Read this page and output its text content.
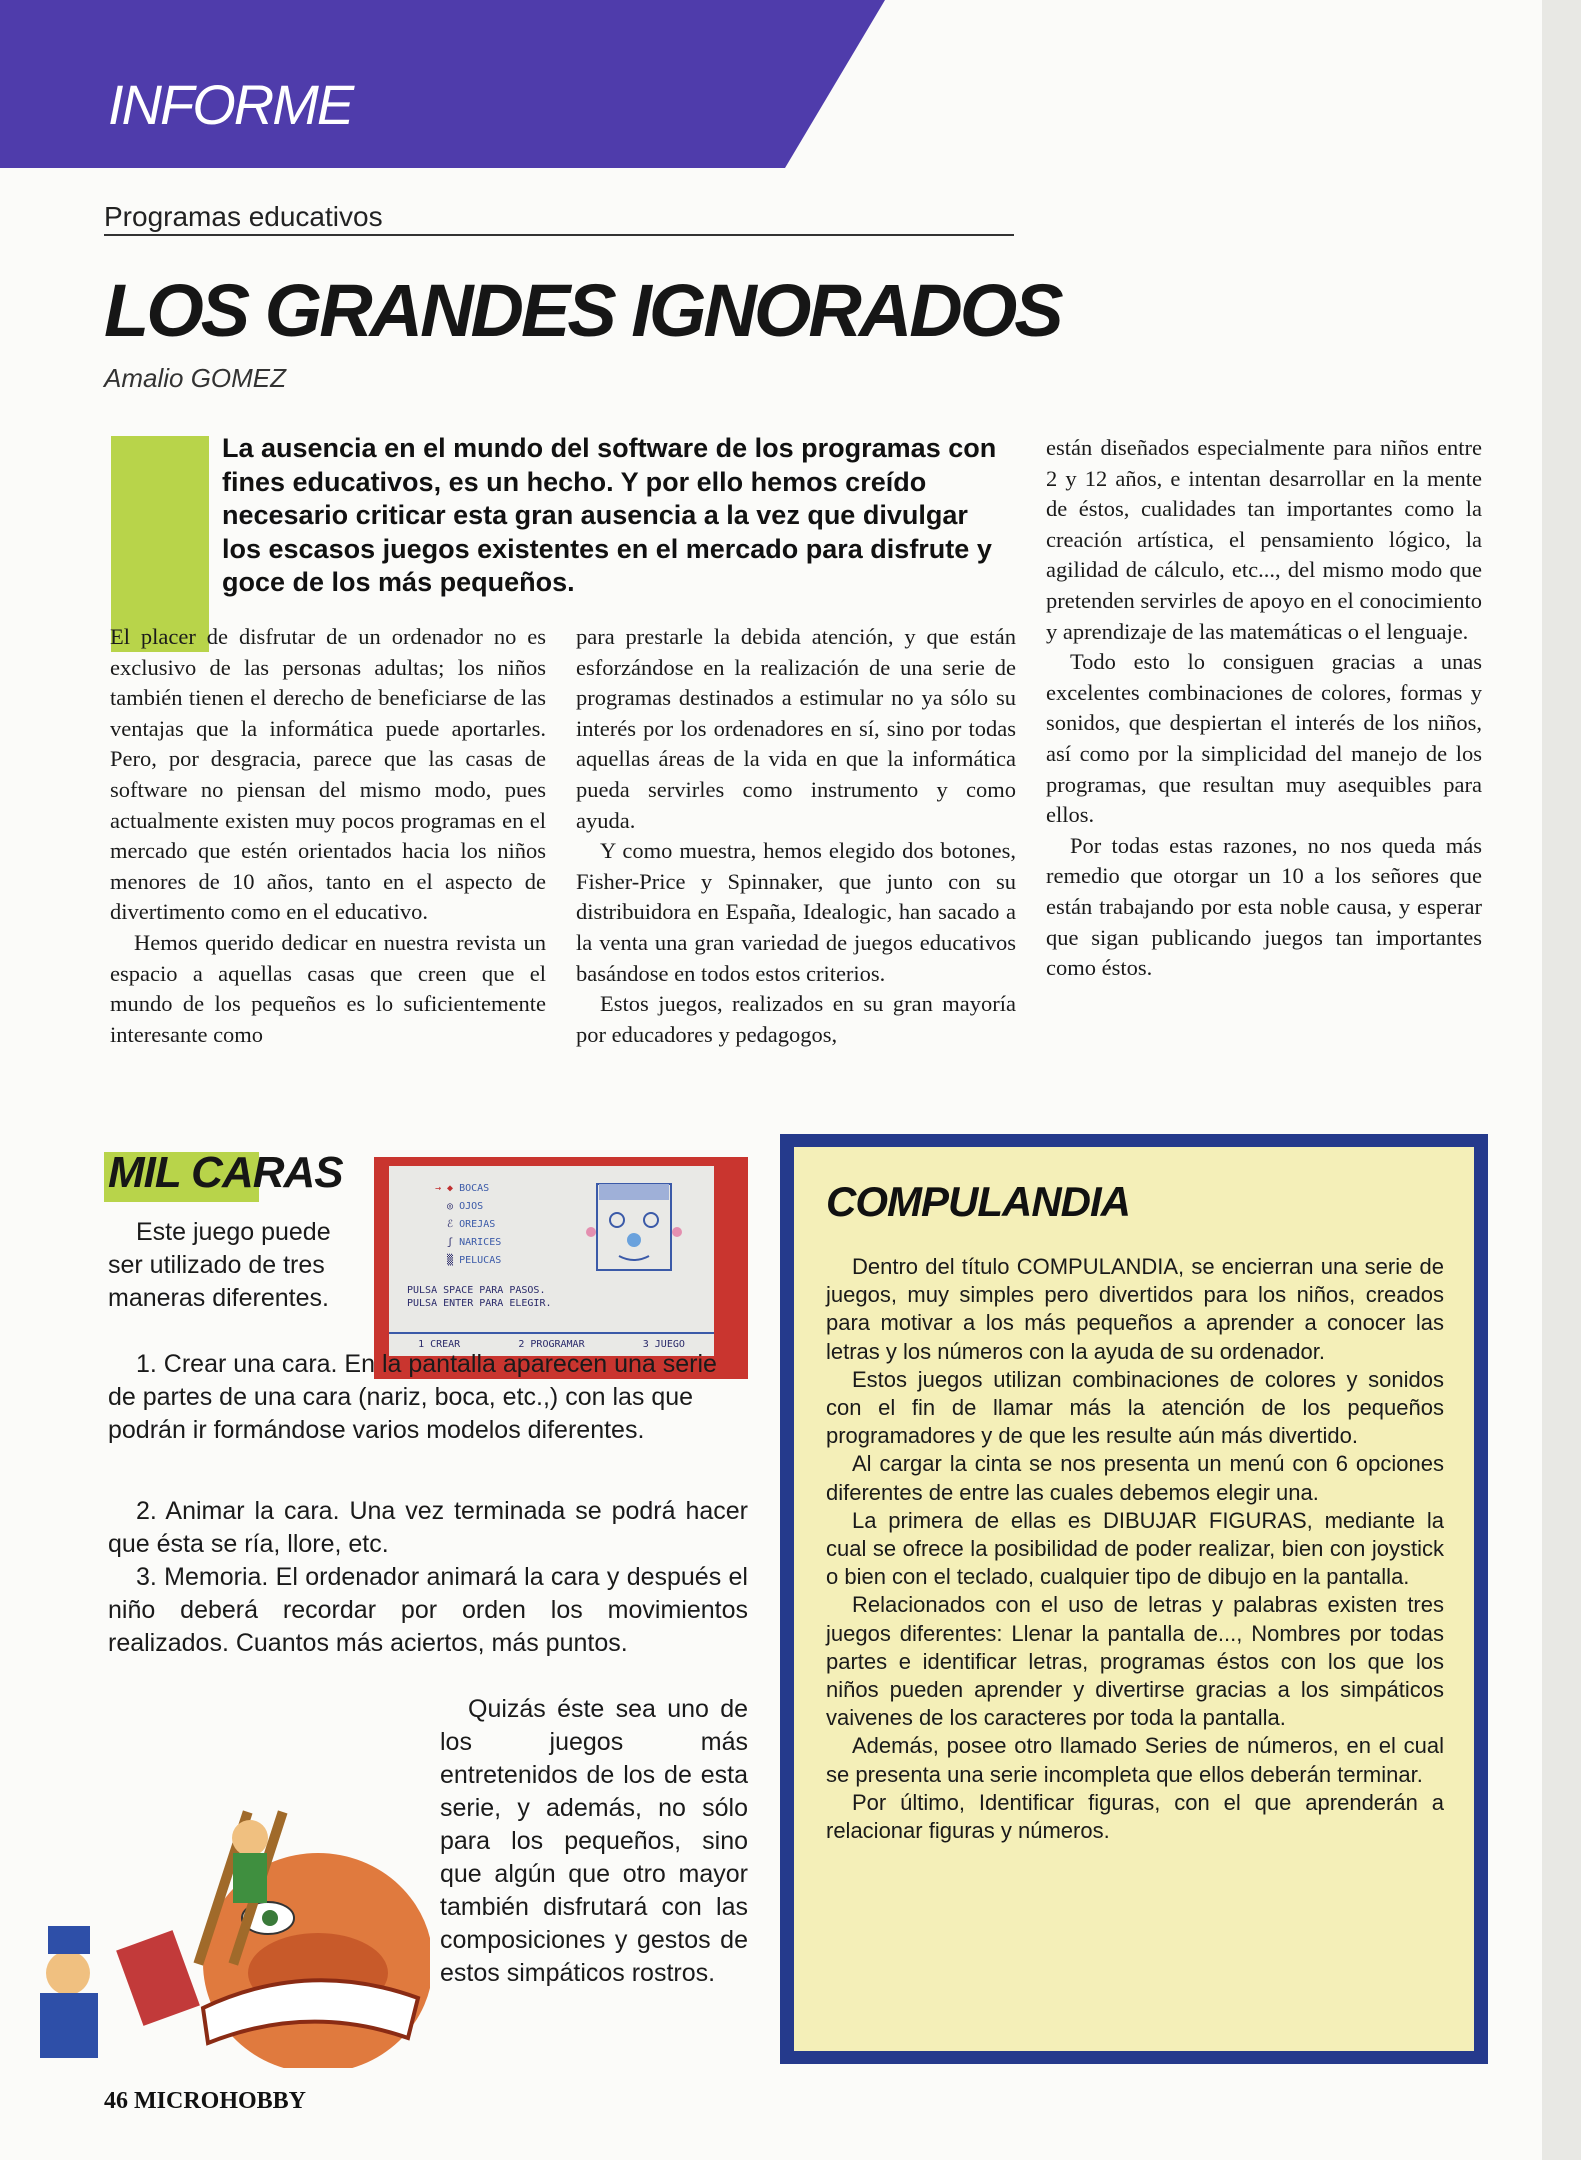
INFORME
Programas educativos
LOS GRANDES IGNORADOS
Amalio GOMEZ
La ausencia en el mundo del software de los programas con fines educativos, es un hecho. Y por ello hemos creído necesario criticar esta gran ausencia a la vez que divulgar los escasos juegos existentes en el mercado para disfrute y goce de los más pequeños.

El placer de disfrutar de un ordenador no es exclusivo de las personas adultas; los niños también tienen el derecho de beneficiarse de las ventajas que la informática puede aportarles. Pero, por desgracia, parece que las casas de software no piensan del mismo modo, pues actualmente existen muy pocos programas en el mercado que estén orientados hacia los niños menores de 10 años, tanto en el aspecto de divertimento como en el educativo.

Hemos querido dedicar en nuestra revista un espacio a aquellas casas que creen que el mundo de los pequeños es lo suficientemente interesante como

para prestarle la debida atención, y que están esforzándose en la realización de una serie de programas destinados a estimular no ya sólo su interés por los ordenadores en sí, sino por todas aquellas áreas de la vida en que la informática pueda servirles como instrumento y como ayuda.

Y como muestra, hemos elegido dos botones, Fisher-Price y Spinnaker, que junto con su distribuidora en España, Idealogic, han sacado a la venta una gran variedad de juegos educativos basándose en todos estos criterios.

Estos juegos, realizados en su gran mayoría por educadores y pedagogos,

están diseñados especialmente para niños entre 2 y 12 años, e intentan desarrollar en la mente de éstos, cualidades tan importantes como la creación artística, el pensamiento lógico, la agilidad de cálculo, etc..., del mismo modo que pretenden servirles de apoyo en el conocimiento y aprendizaje de las matemáticas o el lenguaje.

Todo esto lo consiguen gracias a unas excelentes combinaciones de colores, formas y sonidos, que despiertan el interés de los niños, así como por la simplicidad del manejo de los programas, que resultan muy asequibles para ellos.

Por todas estas razones, no nos queda más remedio que otorgar un 10 a los señores que están trabajando por esta noble causa, y esperar que sigan publicando juegos tan importantes como éstos.

MIL CARAS	→ ◆ BOCAS
◎ OJOS
ℰ OREJAS
ʃ NARICES
▒ PELUCAS
PULSA SPACE PARA PASOS.
PULSA ENTER PARA ELEGIR.
1 CREAR	2 PROGRAMAR	3 JUEGO

Este juego puede ser utilizado de tres maneras diferentes.

1. Crear una cara. En la pantalla aparecen una serie de partes de una cara (nariz, boca, etc.,) con las que podrán ir formándose varios modelos diferentes.

2. Animar la cara. Una vez terminada se podrá hacer que ésta se ría, llore, etc.

3. Memoria. El ordenador animará la cara y después el niño deberá recordar por orden los movimientos realizados. Cuantos más aciertos, más puntos.

Quizás éste sea uno de los juegos más entretenidos de los de esta serie, y además, no sólo para los pequeños, sino que algún que otro mayor también disfrutará con las composiciones y gestos de estos simpáticos rostros.

COMPULANDIA

Dentro del título COMPULANDIA, se encierran una serie de juegos, muy simples pero divertidos para los niños, creados para motivar a los más pequeños a aprender a conocer las letras y los números con la ayuda de su ordenador.

Estos juegos utilizan combinaciones de colores y sonidos con el fin de llamar más la atención de los pequeños programadores y de que les resulte aún más divertido.

Al cargar la cinta se nos presenta un menú con 6 opciones diferentes de entre las cuales debemos elegir una.

La primera de ellas es DIBUJAR FIGURAS, mediante la cual se ofrece la posibilidad de poder realizar, bien con joystick o bien con el teclado, cualquier tipo de dibujo en la pantalla.

Relacionados con el uso de letras y palabras existen tres juegos diferentes: Llenar la pantalla de..., Nombres por todas partes e identificar letras, programas éstos con los que los niños pueden aprender y divertirse gracias a los simpáticos vaivenes de los caracteres por toda la pantalla.

Además, posee otro llamado Series de números, en el cual se presenta una serie incompleta que ellos deberán terminar.

Por último, Identificar figuras, con el que aprenderán a relacionar figuras y números.

46 MICROHOBBY
